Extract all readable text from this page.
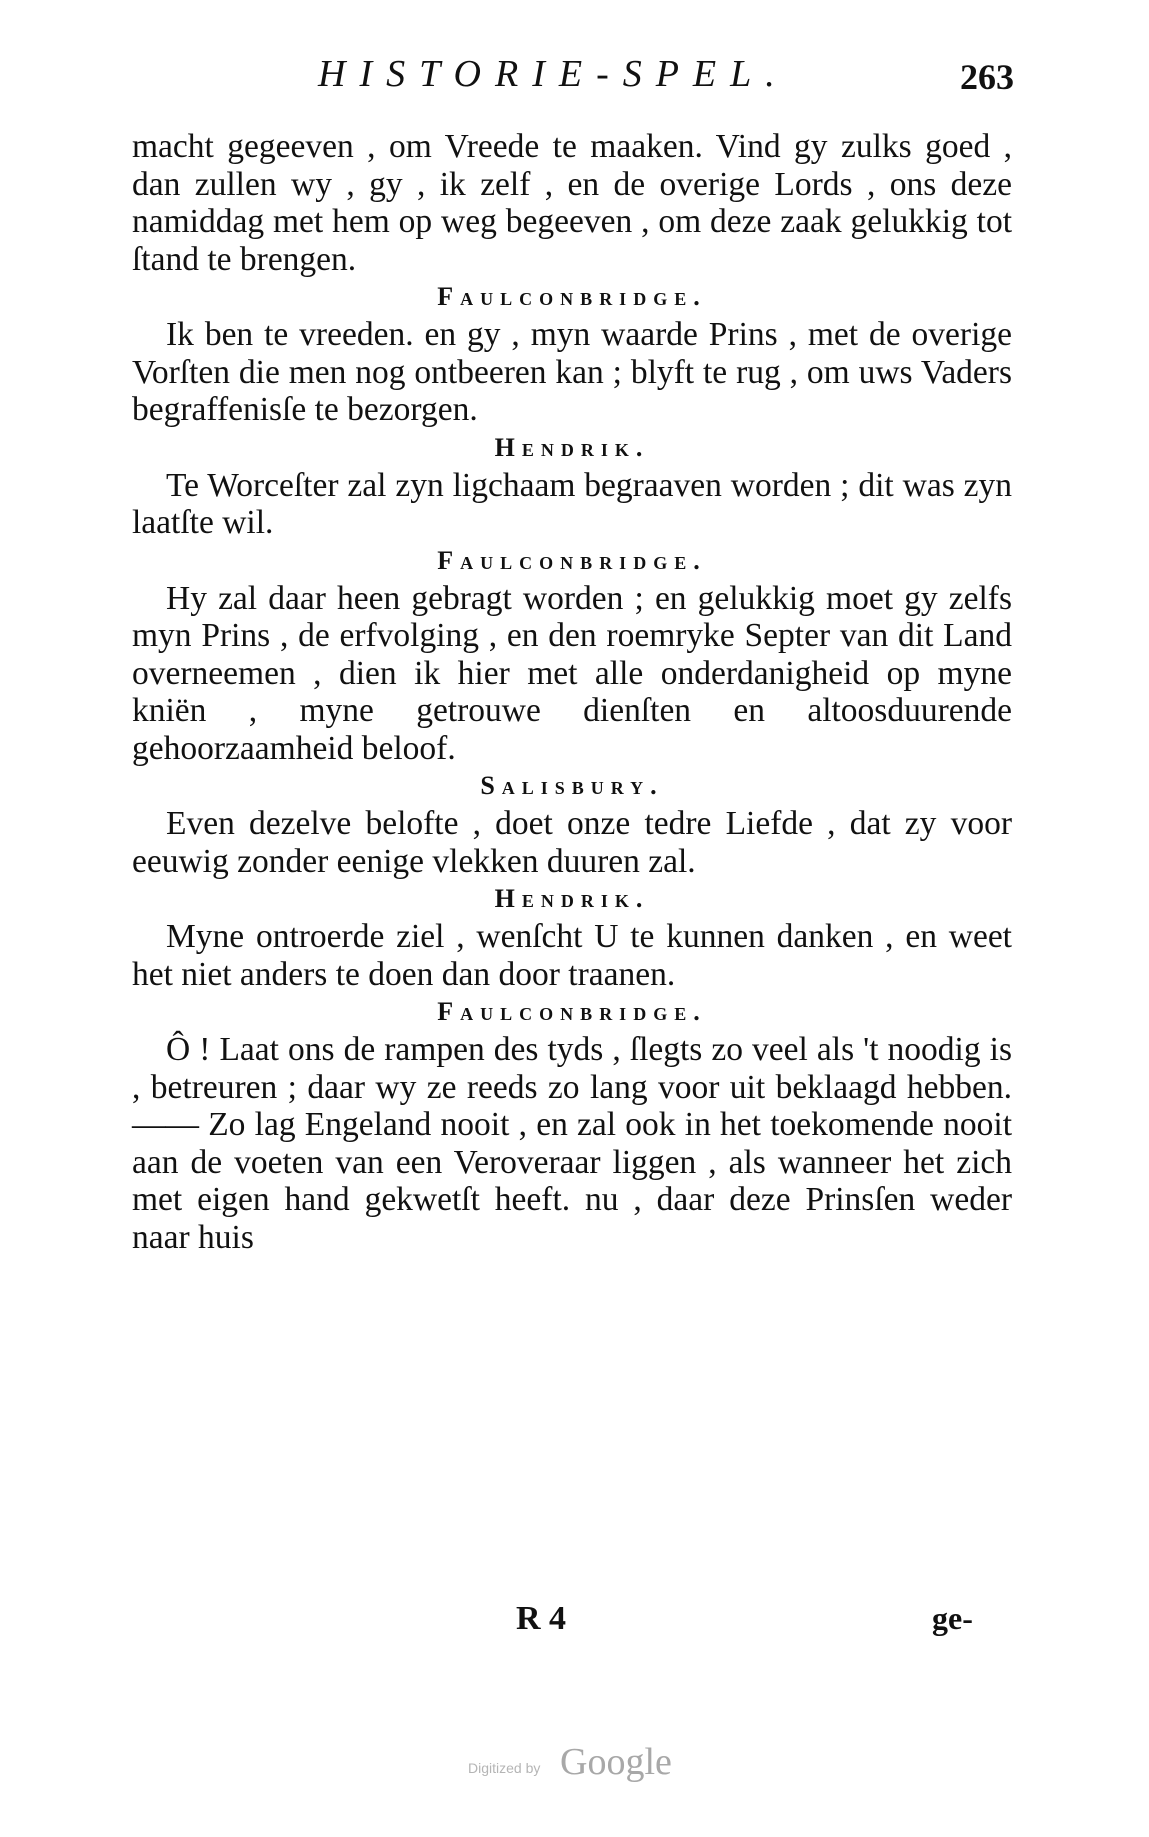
HISTORIE-SPEL.	263

macht gegeeven , om Vreede te maaken. Vind gy zulks goed , dan zullen wy , gy , ik zelf , en de overige Lords , ons deze namiddag met hem op weg begeeven , om deze zaak gelukkig tot ſtand te brengen.

Faulconbridge.

Ik ben te vreeden. en gy , myn waarde Prins , met de overige Vorſten die men nog ontbeeren kan ; blyft te rug , om uws Vaders begraffenisſe te bezorgen.

Hendrik.

Te Worceſter zal zyn ligchaam begraaven worden ; dit was zyn laatſte wil.

Faulconbridge.

Hy zal daar heen gebragt worden ; en gelukkig moet gy zelfs myn Prins , de erfvolging , en den roemryke Septer van dit Land overneemen , dien ik hier met alle onderdanigheid op myne kniën , myne getrouwe dienſten en altoosduurende gehoorzaamheid beloof.

Salisbury.

Even dezelve belofte , doet onze tedre Liefde , dat zy voor eeuwig zonder eenige vlekken duuren zal.

Hendrik.

Myne ontroerde ziel , wenſcht U te kunnen danken , en weet het niet anders te doen dan door traanen.

Faulconbridge.

Ô ! Laat ons de rampen des tyds , ſlegts zo veel als 't noodig is , betreuren ; daar wy ze reeds zo lang voor uit beklaagd hebben. —— Zo lag Engeland nooit , en zal ook in het toekomende nooit aan de voeten van een Veroveraar liggen , als wanneer het zich met eigen hand gekwetſt heeft. nu , daar deze Prinsſen weder naar huis

R 4	ge-
Digitized by Google
